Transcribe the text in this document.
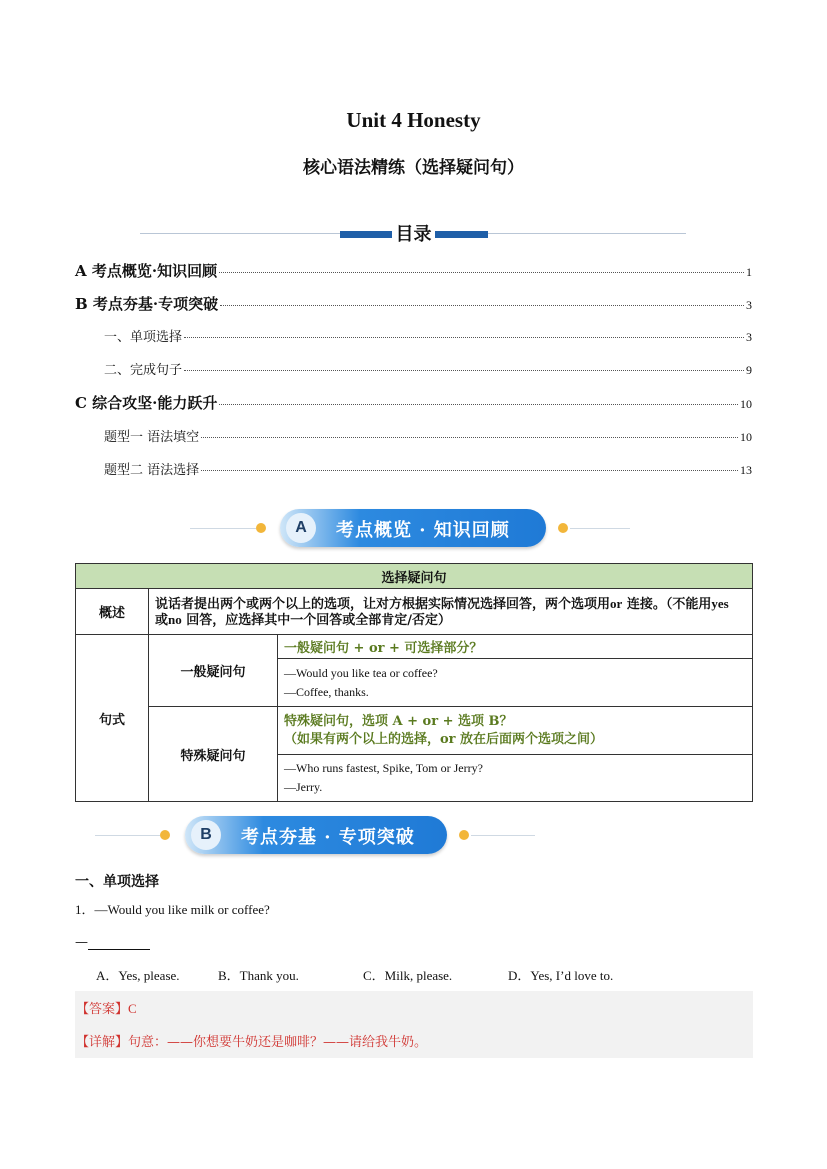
Unit 4 Honesty
核心语法精练（选择疑问句）
目录
A 考点概览·知识回顾	1
B 考点夯基·专项突破	3
一、单项选择	3
二、完成句子	9
C 综合攻坚·能力跃升	10
题型一 语法填空	10
题型二 语法选择	13
A	考点概览 · 知识回顾
选择疑问句		
概述	说话者提出两个或两个以上的选项，让对方根据实际情况选择回答，两个选项用or 连接。（不能用yes 或no 回答，应选择其中一个回答或全部肯定/否定）	
句式	一般疑问句	一般疑问句 + or + 可选择部分？

		—Would you like tea or coffee?
—Coffee, thanks.

	特殊疑问句	特殊疑问句，选项 A + or + 选项 B？
（如果有两个以上的选择，or 放在后面两个选项之间）

		—Who runs fastest, Spike, Tom or Jerry?
—Jerry.
B	考点夯基 · 专项突破
一、单项选择
1．—Would you like milk or coffee?
—
A．Yes, please.	B．Thank you.	C．Milk, please.	D．Yes, I’d love to.
【答案】C
【详解】句意：——你想要牛奶还是咖啡？——请给我牛奶。
